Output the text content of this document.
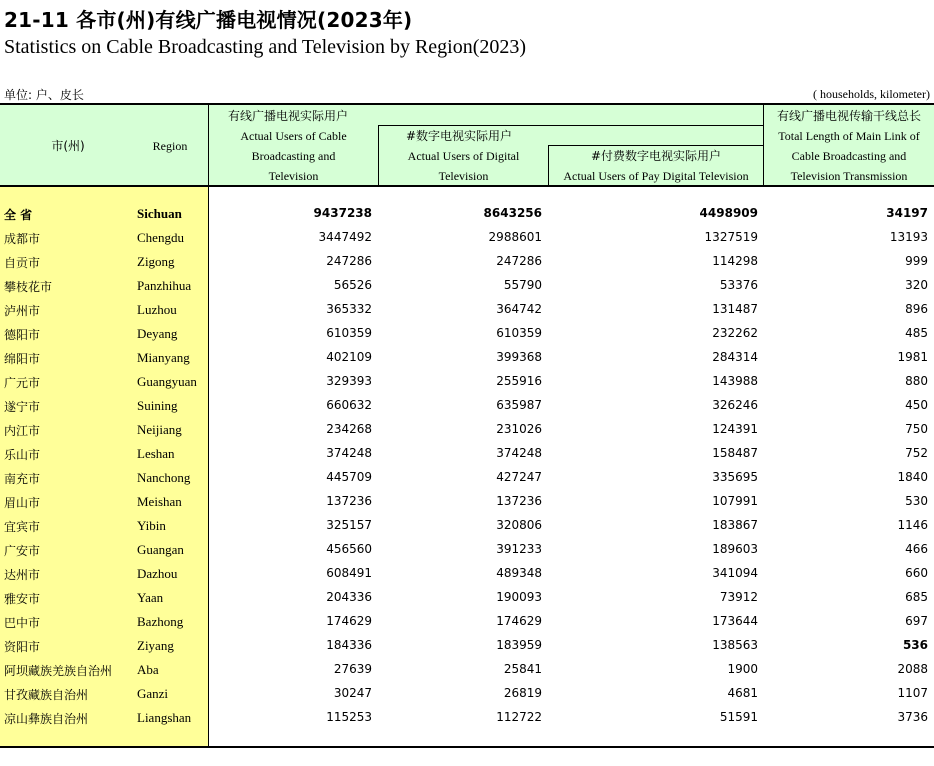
21-11 各市(州)有线广播电视情况(2023年)
Statistics on Cable Broadcasting and Television by Region(2023)
单位: 户、皮长	( households, kilometer)
市(州)	Region
有线广播电视实际用户
Actual Users of Cable
Broadcasting and
Television
#数字电视实际用户
Actual Users of Digital
Television
#付费数字电视实际用户
Actual Users of Pay Digital Television
有线广播电视传输干线总长
Total Length of Main Link of
Cable Broadcasting and
Television Transmission
全 省	Sichuan	9437238	8643256	4498909	34197
成都市	Chengdu	3447492	2988601	1327519	13193
自贡市	Zigong	247286	247286	114298	999
攀枝花市	Panzhihua	56526	55790	53376	320
泸州市	Luzhou	365332	364742	131487	896
德阳市	Deyang	610359	610359	232262	485
绵阳市	Mianyang	402109	399368	284314	1981
广元市	Guangyuan	329393	255916	143988	880
遂宁市	Suining	660632	635987	326246	450
内江市	Neijiang	234268	231026	124391	750
乐山市	Leshan	374248	374248	158487	752
南充市	Nanchong	445709	427247	335695	1840
眉山市	Meishan	137236	137236	107991	530
宜宾市	Yibin	325157	320806	183867	1146
广安市	Guangan	456560	391233	189603	466
达州市	Dazhou	608491	489348	341094	660
雅安市	Yaan	204336	190093	73912	685
巴中市	Bazhong	174629	174629	173644	697
资阳市	Ziyang	184336	183959	138563	536
阿坝藏族羌族自治州 Aba	27639	25841	1900	2088
甘孜藏族自治州	Ganzi	30247	26819	4681	1107
凉山彝族自治州	Liangshan	115253	112722	51591	3736
